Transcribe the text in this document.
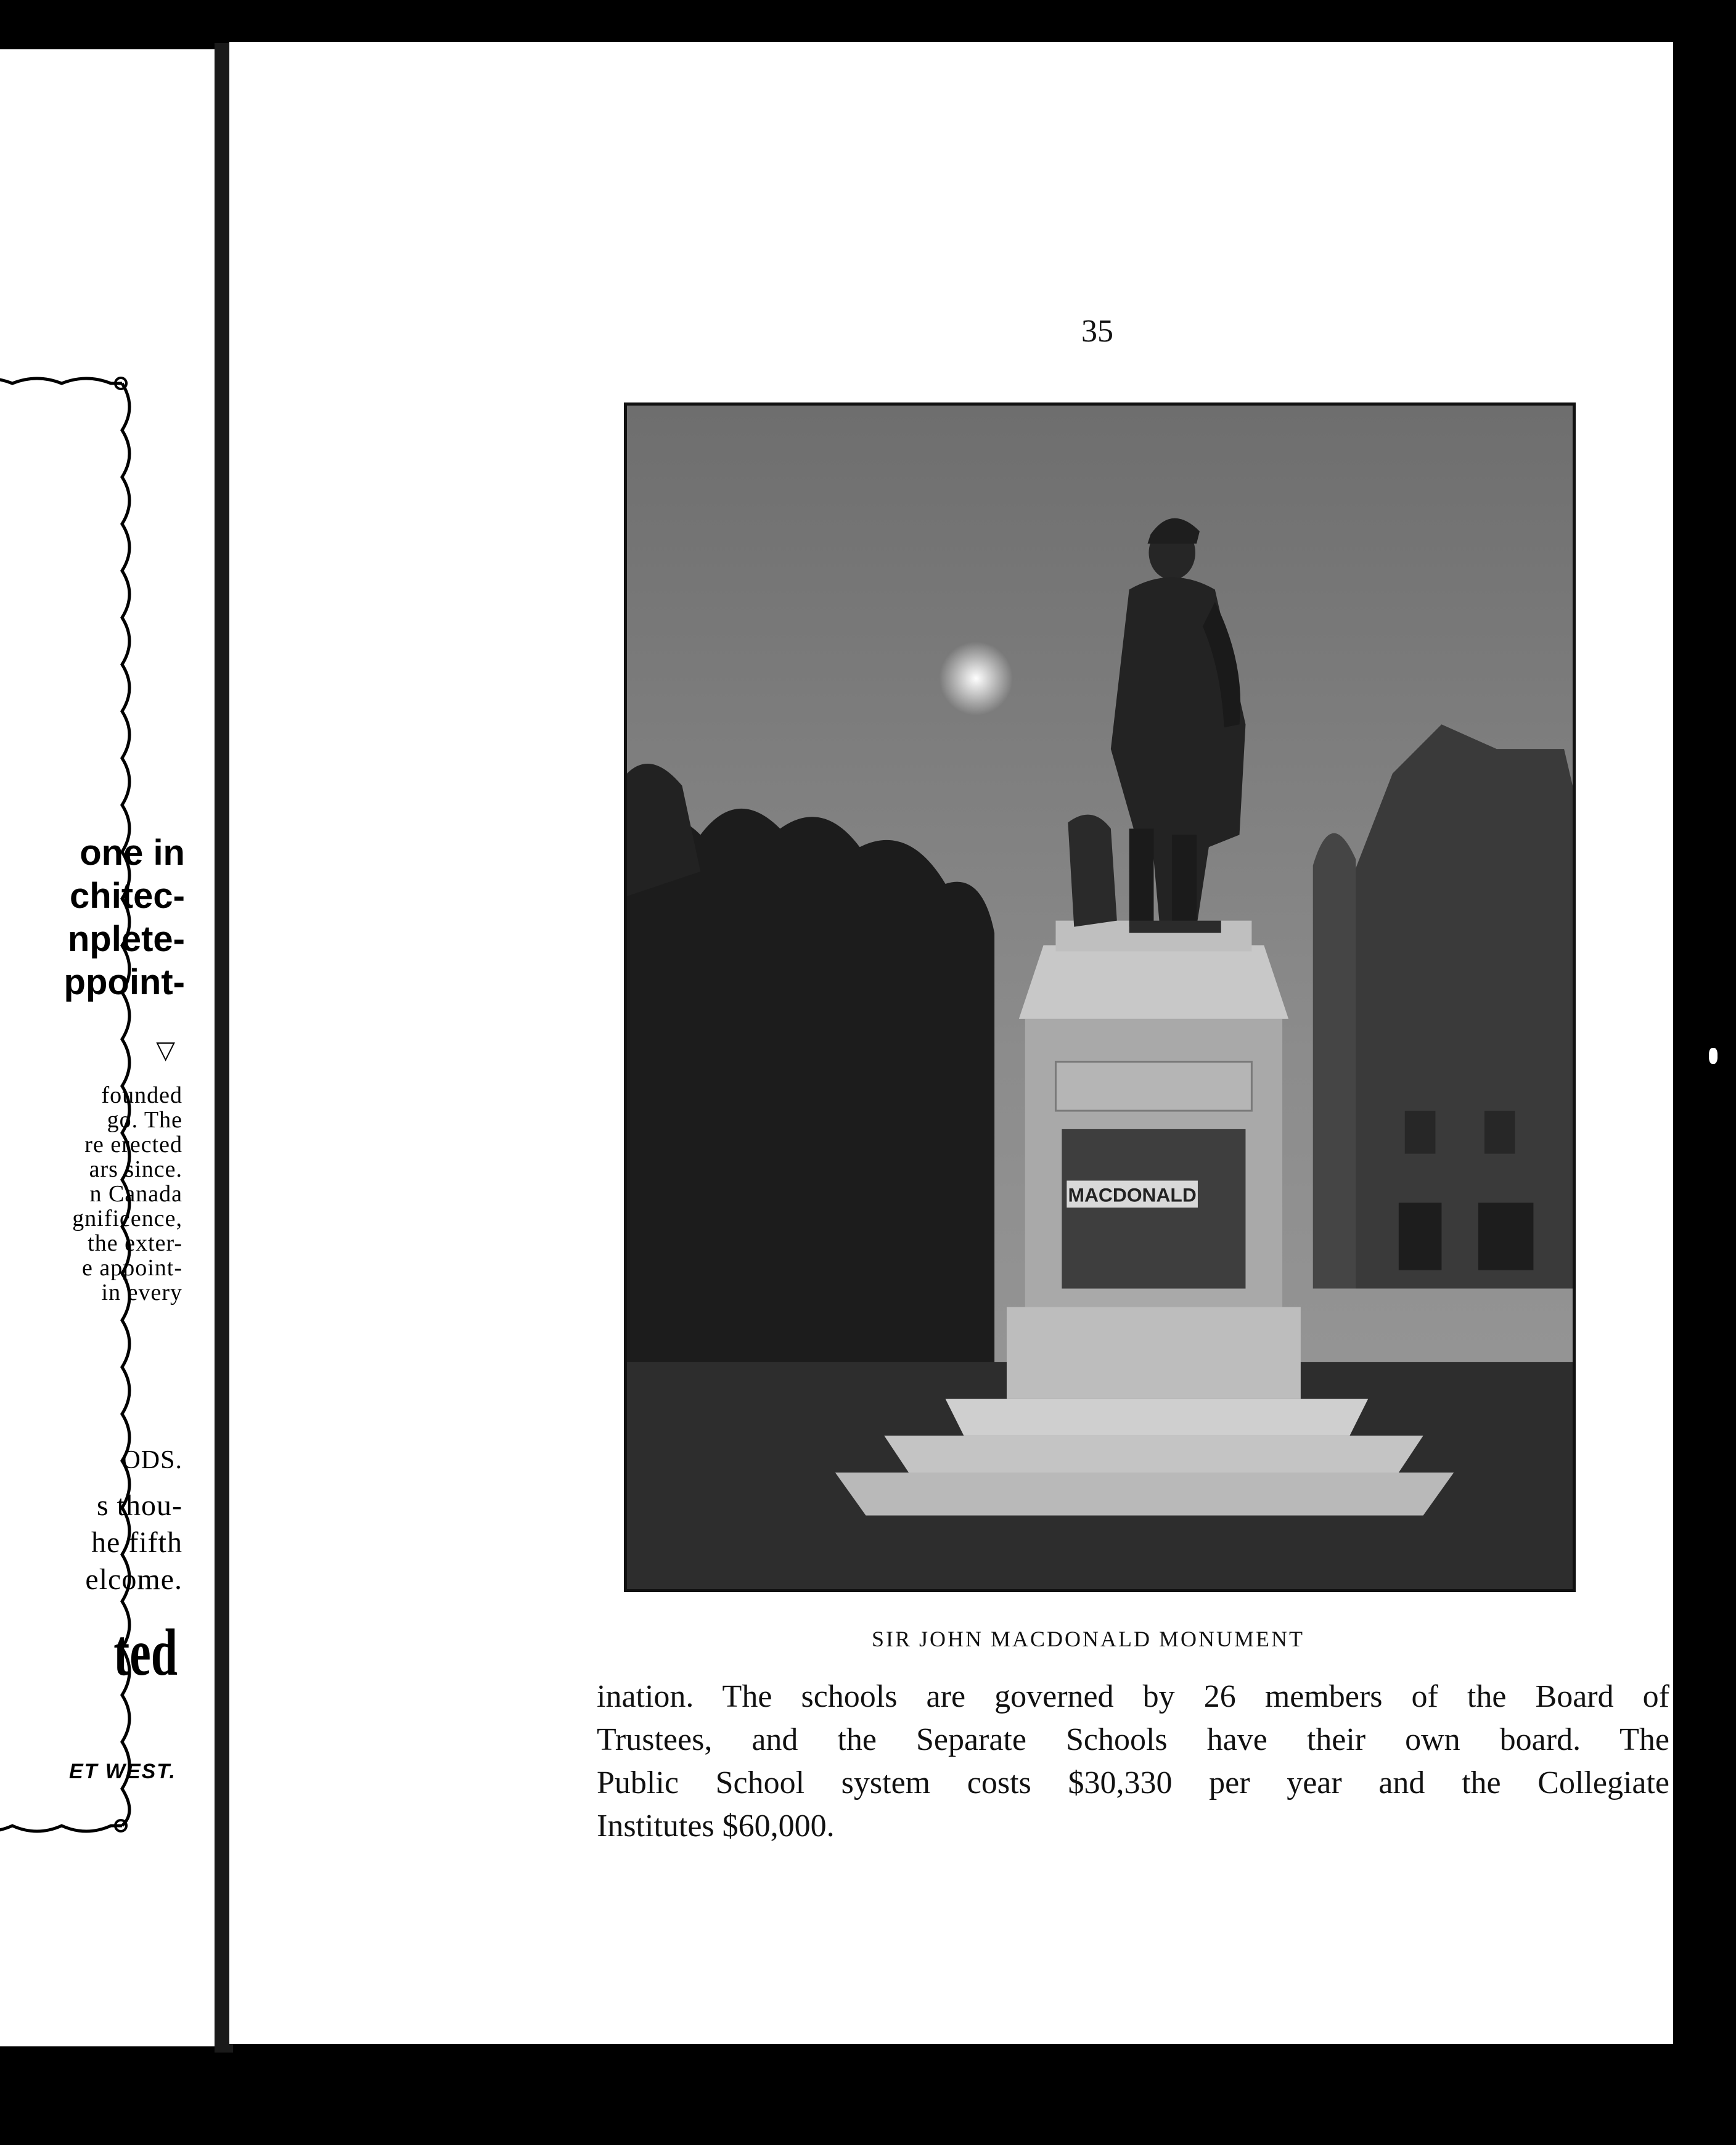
one in
chitec-
nplete-
ppoint-
▽
founded
go. The
re erected
ars since.
n Canada
gnificence,
the exter-
e appoint-
in every
ODS.
s thou-
he fifth
elcome.
ted
ET WEST.
35
MACDONALD
SIR JOHN MACDONALD MONUMENT
ination. The schools are governed by 26 members of the Board of
Trustees, and the Separate Schools have their own board. The
Public School system costs $30,330 per year and the Collegiate
Institutes $60,000.
